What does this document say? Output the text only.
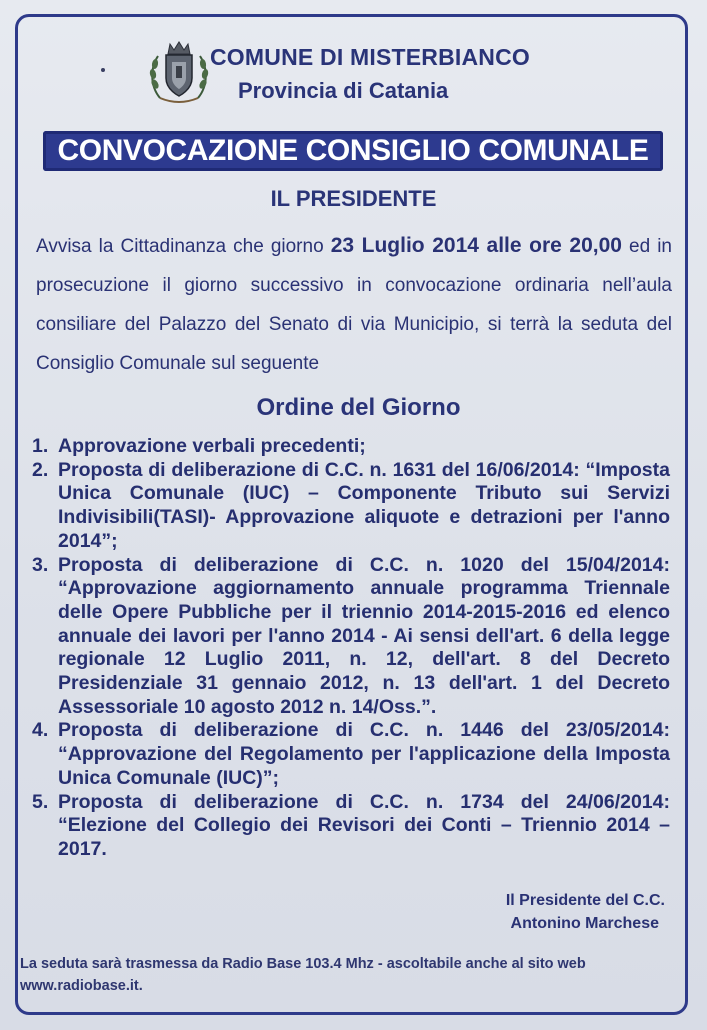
COMUNE DI MISTERBIANCO
Provincia di Catania
CONVOCAZIONE CONSIGLIO COMUNALE
IL PRESIDENTE
Avvisa la Cittadinanza che giorno 23 Luglio 2014 alle ore 20,00 ed in prosecuzione il giorno successivo in convocazione ordinaria nell’aula consiliare del Palazzo del Senato di via Municipio, si terrà la seduta del Consiglio Comunale sul seguente
Ordine del Giorno
1. Approvazione verbali precedenti;
2. Proposta di deliberazione di C.C. n. 1631 del 16/06/2014: “Imposta Unica Comunale (IUC) – Componente Tributo sui Servizi Indivisibili(TASI)- Approvazione aliquote e detrazioni per l'anno 2014”;
3. Proposta di deliberazione di C.C. n. 1020 del 15/04/2014: “Approvazione aggiornamento annuale programma Triennale delle Opere Pubbliche per il triennio 2014-2015-2016 ed elenco annuale dei lavori per l'anno 2014 - Ai sensi dell'art. 6 della legge regionale 12 Luglio 2011, n. 12, dell'art. 8 del Decreto Presidenziale 31 gennaio 2012, n. 13 dell'art. 1 del Decreto Assessoriale 10 agosto 2012 n. 14/Oss.”.
4. Proposta di deliberazione di C.C. n. 1446 del 23/05/2014: “Approvazione del Regolamento per l'applicazione della Imposta Unica Comunale (IUC)”;
5. Proposta di deliberazione di C.C. n. 1734 del 24/06/2014: “Elezione del Collegio dei Revisori dei Conti – Triennio 2014 – 2017.
Il Presidente del C.C.
Antonino Marchese
La seduta sarà trasmessa da Radio Base 103.4 Mhz - ascoltabile anche al sito web www.radiobase.it.
